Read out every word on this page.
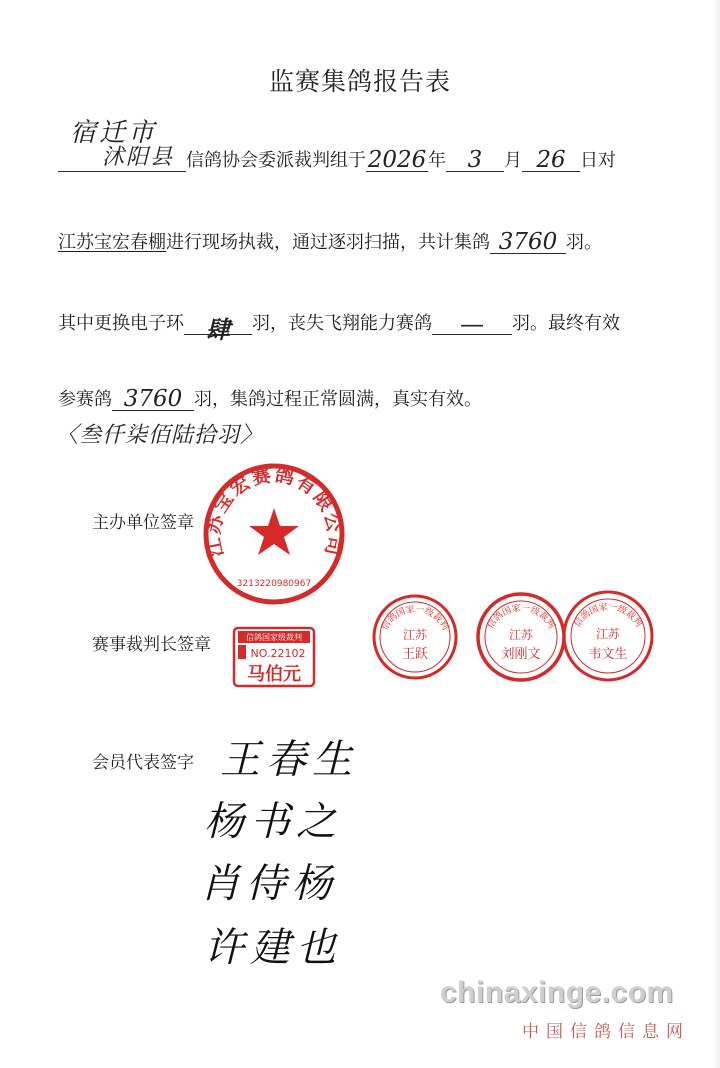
监赛集鸽报告表
宿迁市
沭阳县 信鸽协会委派裁判组于2026年 3 月 26 日对
江苏宝宏春棚进行现场执裁，通过逐羽扫描，共计集鸽 3760 羽。
其中更换电子环 肆 羽，丧失飞翔能力赛鸽 — 羽。最终有效
参赛鸽 3760 羽，集鸽过程正常圆满，真实有效。
〈叁仟柒佰陆拾羽〉
主办单位签章
江苏宝宏赛鸽有限公司
3213220980967
赛事裁判长签章	信鸽国家级裁判
NO.22102
马伯元
信鸽国家一级裁判
江苏
王跃
信鸽国家一级裁判
江苏
刘刚文
信鸽国家一级裁判
江苏
韦文生
会员代表签字 王春生
杨书之
肖侍杨
许建也
chinaxinge.com
中国信鸽信息网
